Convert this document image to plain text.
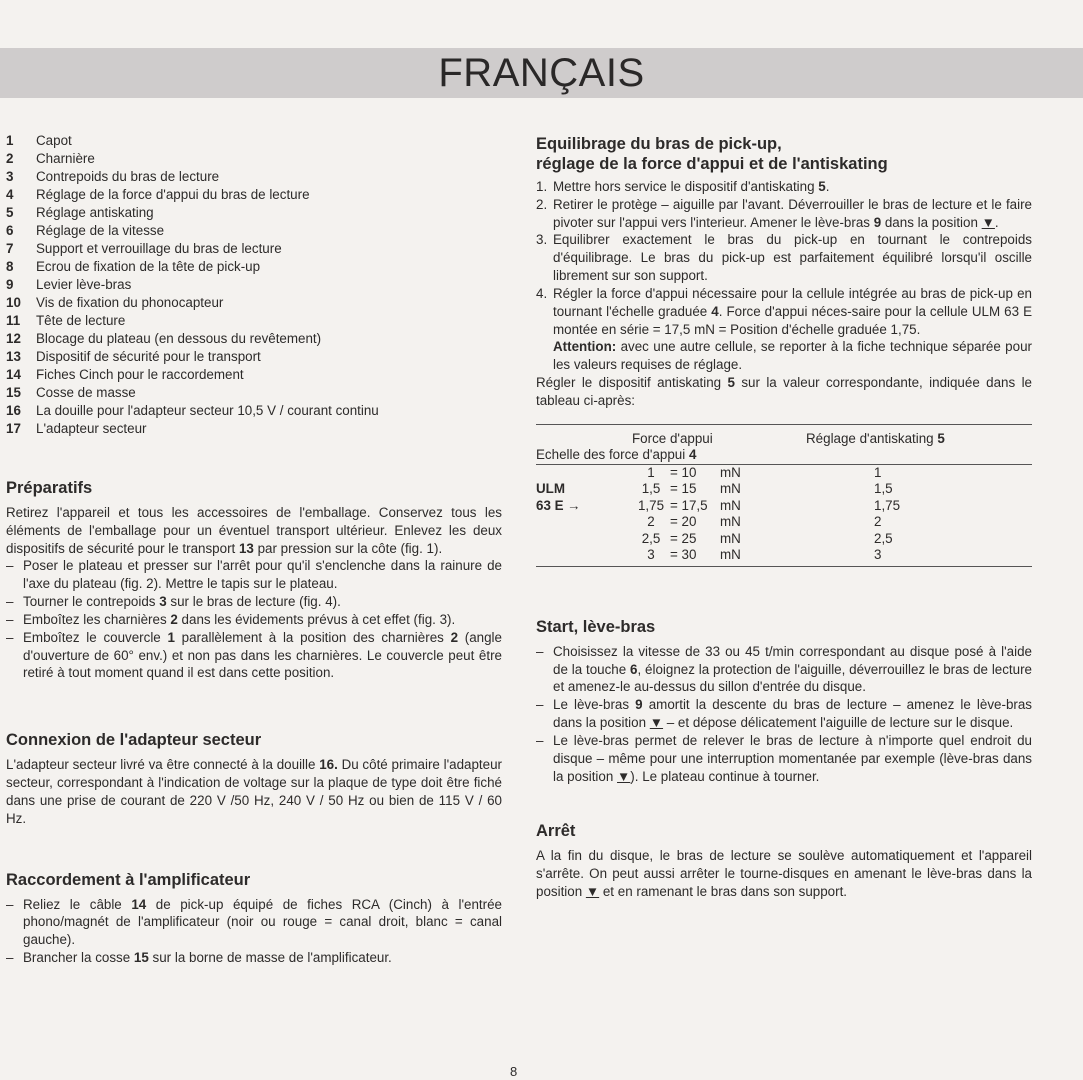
FRANÇAIS
1	Capot
2	Charnière
3	Contrepoids du bras de lecture
4	Réglage de la force d'appui du bras de lecture
5	Réglage antiskating
6	Réglage de la vitesse
7	Support et verrouillage du bras de lecture
8	Ecrou de fixation de la tête de pick-up
9	Levier lève-bras
10	Vis de fixation du phonocapteur
11	Tête de lecture
12	Blocage du plateau (en dessous du revêtement)
13	Dispositif de sécurité pour le transport
14	Fiches Cinch pour le raccordement
15	Cosse de masse
16	La douille pour l'adapteur secteur 10,5 V / courant continu
17	L'adapteur secteur
Préparatifs

Retirez l'appareil et tous les accessoires de l'emballage. Conservez tous les éléments de l'emballage pour un éventuel transport ultérieur. Enlevez les deux dispositifs de sécurité pour le transport 13 par pression sur la côte (fig. 1).

– Poser le plateau et presser sur l'arrêt pour qu'il s'enclenche dans la rainure de l'axe du plateau (fig. 2). Mettre le tapis sur le plateau.
– Tourner le contrepoids 3 sur le bras de lecture (fig. 4).
– Emboîtez les charnières 2 dans les évidements prévus à cet effet (fig. 3).
– Emboîtez le couvercle 1 parallèlement à la position des charnières 2 (angle d'ouverture de 60° env.) et non pas dans les charnières. Le couvercle peut être retiré à tout moment quand il est dans cette position.
Connexion de l'adapteur secteur

L'adapteur secteur livré va être connecté à la douille 16. Du côté primaire l'adapteur secteur, correspondant à l'indication de voltage sur la plaque de type doit être fiché dans une prise de courant de 220 V /50 Hz, 240 V / 50 Hz ou bien de 115 V / 60 Hz.

Raccordement à l'amplificateur
– Reliez le câble 14 de pick-up équipé de fiches RCA (Cinch) à l'entrée phono/magnét de l'amplificateur (noir ou rouge = canal droit, blanc = canal gauche).
– Brancher la cosse 15 sur la borne de masse de l'amplificateur.
Equilibrage du bras de pick-up,
réglage de la force d'appui et de l'antiskating
1. Mettre hors service le dispositif d'antiskating 5.
2. Retirer le protège – aiguille par l'avant. Déverrouiller le bras de lecture et le faire pivoter sur l'appui vers l'interieur. Amener le lève-bras 9 dans la position ▼.
3. Equilibrer exactement le bras du pick-up en tournant le contrepoids d'équilibrage. Le bras du pick-up est parfaitement équilibré lorsqu'il oscille librement sur son support.
4. Régler la force d'appui nécessaire pour la cellule intégrée au bras de pick-up en tournant l'échelle graduée 4. Force d'appui néces-saire pour la cellule ULM 63 E montée en série = 17,5 mN = Position d'échelle graduée 1,75.

Attention: avec une autre cellule, se reporter à la fiche technique séparée pour les valeurs requises de réglage.

Régler le dispositif antiskating 5 sur la valeur correspondante, indiquée dans le tableau ci-après:

	Force d'appui	Réglage d'antiskating 5
Echelle des force d'appui 4		
	1 = 10 mN	1
ULM	1,5 = 15 mN	1,5
63 E →	1,75 = 17,5 mN	1,75
	2 = 20 mN	2
	2,5 = 25 mN	2,5
	3 = 30 mN	3
Start, lève-bras
– Choisissez la vitesse de 33 ou 45 t/min correspondant au disque posé à l'aide de la touche 6, éloignez la protection de l'aiguille, déverrouillez le bras de lecture et amenez-le au-dessus du sillon d'entrée du disque.
– Le lève-bras 9 amortit la descente du bras de lecture – amenez le lève-bras dans la position ▼ – et dépose délicatement l'aiguille de lecture sur le disque.
– Le lève-bras permet de relever le bras de lecture à n'importe quel endroit du disque – même pour une interruption momentanée par exemple (lève-bras dans la position ▼). Le plateau continue à tourner.
Arrêt

A la fin du disque, le bras de lecture se soulève automatiquement et l'appareil s'arrête. On peut aussi arrêter le tourne-disques en amenant le lève-bras dans la position ▼ et en ramenant le bras dans son support.

8
